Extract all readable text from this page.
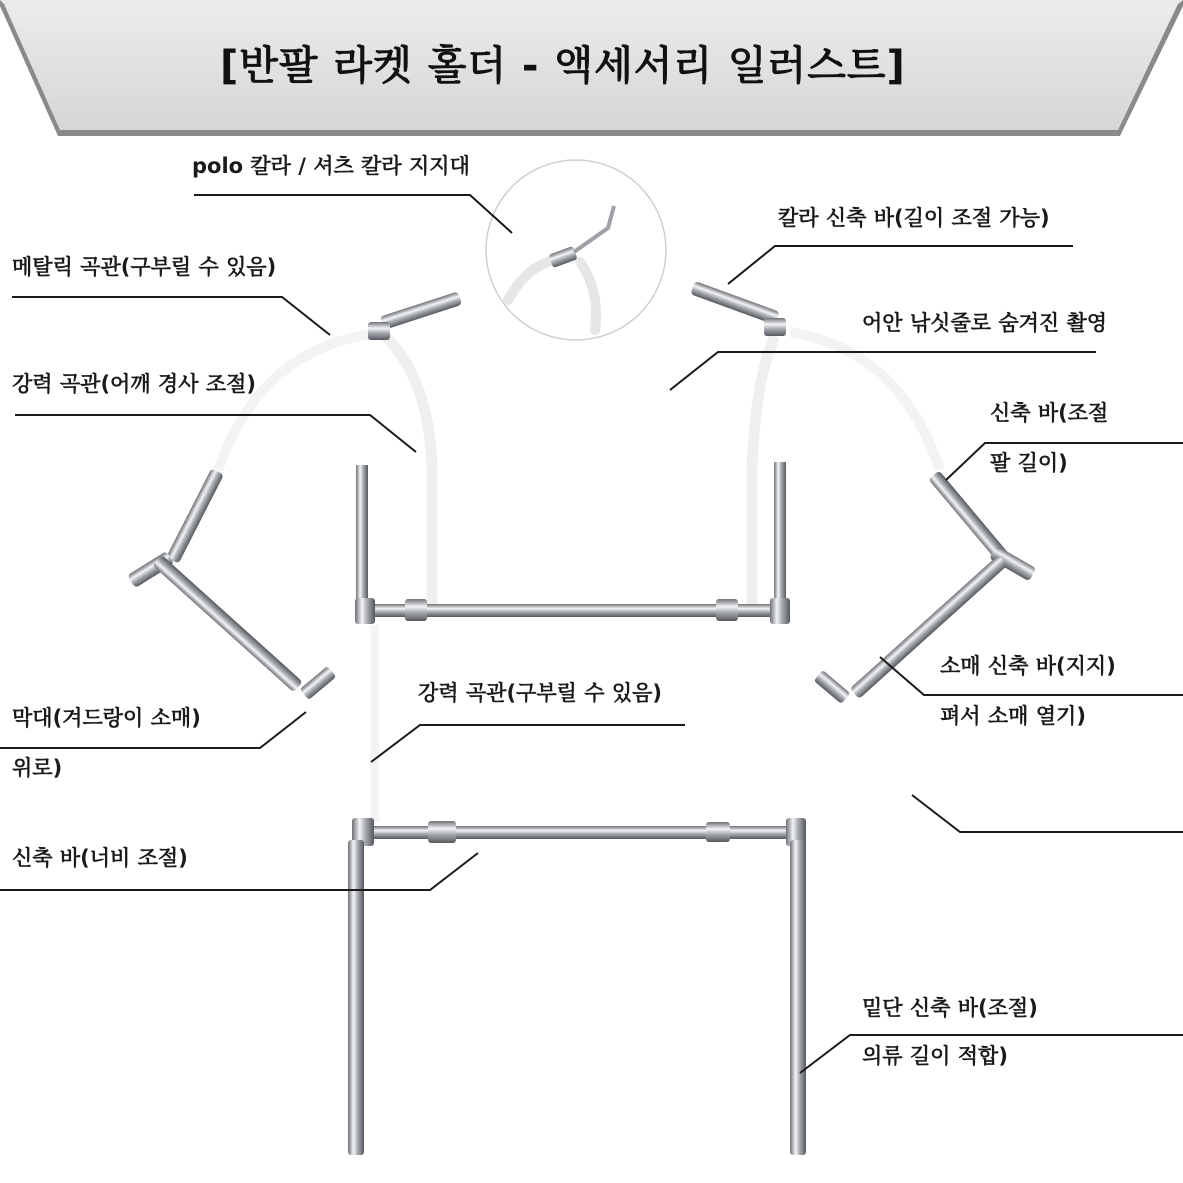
[반팔 라켓 홀더 - 액세서리 일러스트]
polo 칼라 / 셔츠 칼라 지지대
메탈릭 곡관(구부릴 수 있음)
강력 곡관(어깨 경사 조절)
칼라 신축 바(길이 조절 가능)
어안 낚싯줄로 숨겨진 촬영
신축 바(조절
팔 길이)
소매 신축 바(지지)
펴서 소매 열기)
강력 곡관(구부릴 수 있음)
막대(겨드랑이 소매)
위로)
신축 바(너비 조절)
밑단 신축 바(조절)
의류 길이 적합)
